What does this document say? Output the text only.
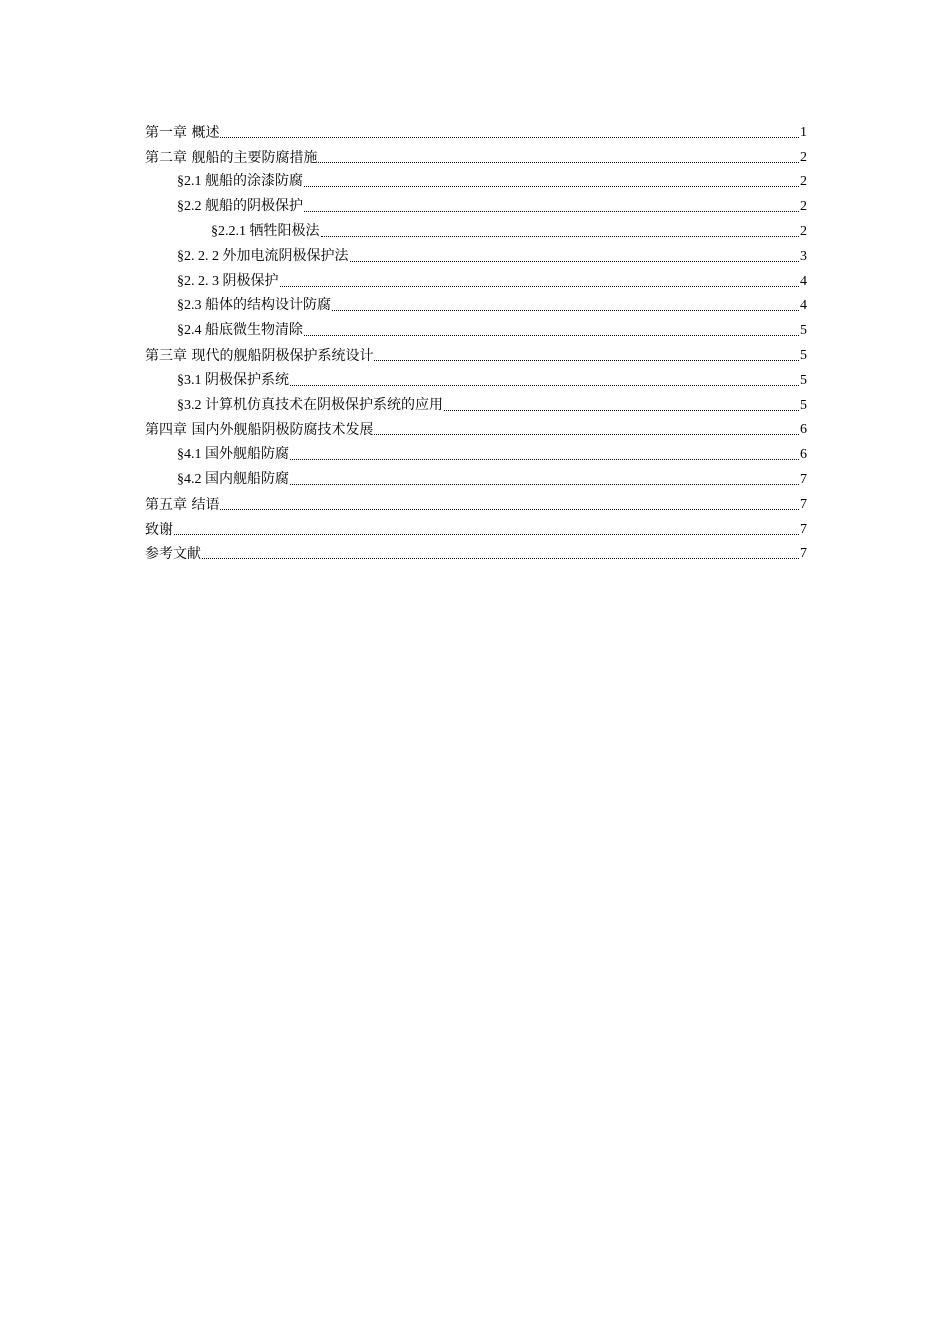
第一章 概述	1
第二章 舰船的主要防腐措施	2
§2.1 舰船的涂漆防腐	2
§2.2 舰船的阴极保护	2
§2.2.1 牺牲阳极法	2
§2. 2. 2 外加电流阴极保护法	3
§2. 2. 3 阴极保护	4
§2.3 船体的结构设计防腐	4
§2.4 船底微生物清除	5
第三章 现代的舰船阴极保护系统设计	5
§3.1 阴极保护系统	5
§3.2 计算机仿真技术在阴极保护系统的应用	5
第四章 国内外舰船阴极防腐技术发展	6
§4.1 国外舰船防腐	6
§4.2 国内舰船防腐	7
第五章 结语	7
致谢	7
参考文献	7
